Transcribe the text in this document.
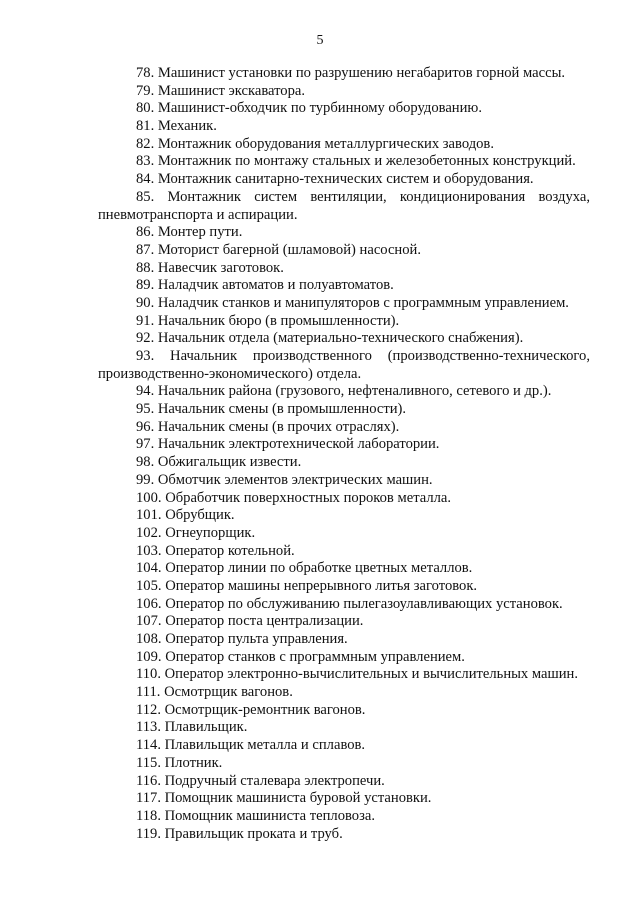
5
78. Машинист установки по разрушению негабаритов горной массы.
79. Машинист экскаватора.
80. Машинист-обходчик по турбинному оборудованию.
81. Механик.
82. Монтажник оборудования металлургических заводов.
83. Монтажник по монтажу стальных и железобетонных конструкций.
84. Монтажник санитарно-технических систем и оборудования.
85. Монтажник систем вентиляции, кондиционирования воздуха, пневмотранспорта и аспирации.
86. Монтер пути.
87. Моторист багерной (шламовой) насосной.
88. Навесчик заготовок.
89. Наладчик автоматов и полуавтоматов.
90. Наладчик станков и манипуляторов с программным управлением.
91. Начальник бюро (в промышленности).
92. Начальник отдела (материально-технического снабжения).
93. Начальник производственного (производственно-технического, производственно-экономического) отдела.
94. Начальник района (грузового, нефтеналивного, сетевого и др.).
95. Начальник смены (в промышленности).
96. Начальник смены (в прочих отраслях).
97. Начальник электротехнической лаборатории.
98. Обжигальщик извести.
99. Обмотчик элементов электрических машин.
100. Обработчик поверхностных пороков металла.
101. Обрубщик.
102. Огнеупорщик.
103. Оператор котельной.
104. Оператор линии по обработке цветных металлов.
105. Оператор машины непрерывного литья заготовок.
106. Оператор по обслуживанию пылегазоулавливающих установок.
107. Оператор поста централизации.
108. Оператор пульта управления.
109. Оператор станков с программным управлением.
110. Оператор электронно-вычислительных и вычислительных машин.
111. Осмотрщик вагонов.
112. Осмотрщик-ремонтник вагонов.
113. Плавильщик.
114. Плавильщик металла и сплавов.
115. Плотник.
116. Подручный сталевара электропечи.
117. Помощник машиниста буровой установки.
118. Помощник машиниста тепловоза.
119. Правильщик проката и труб.
